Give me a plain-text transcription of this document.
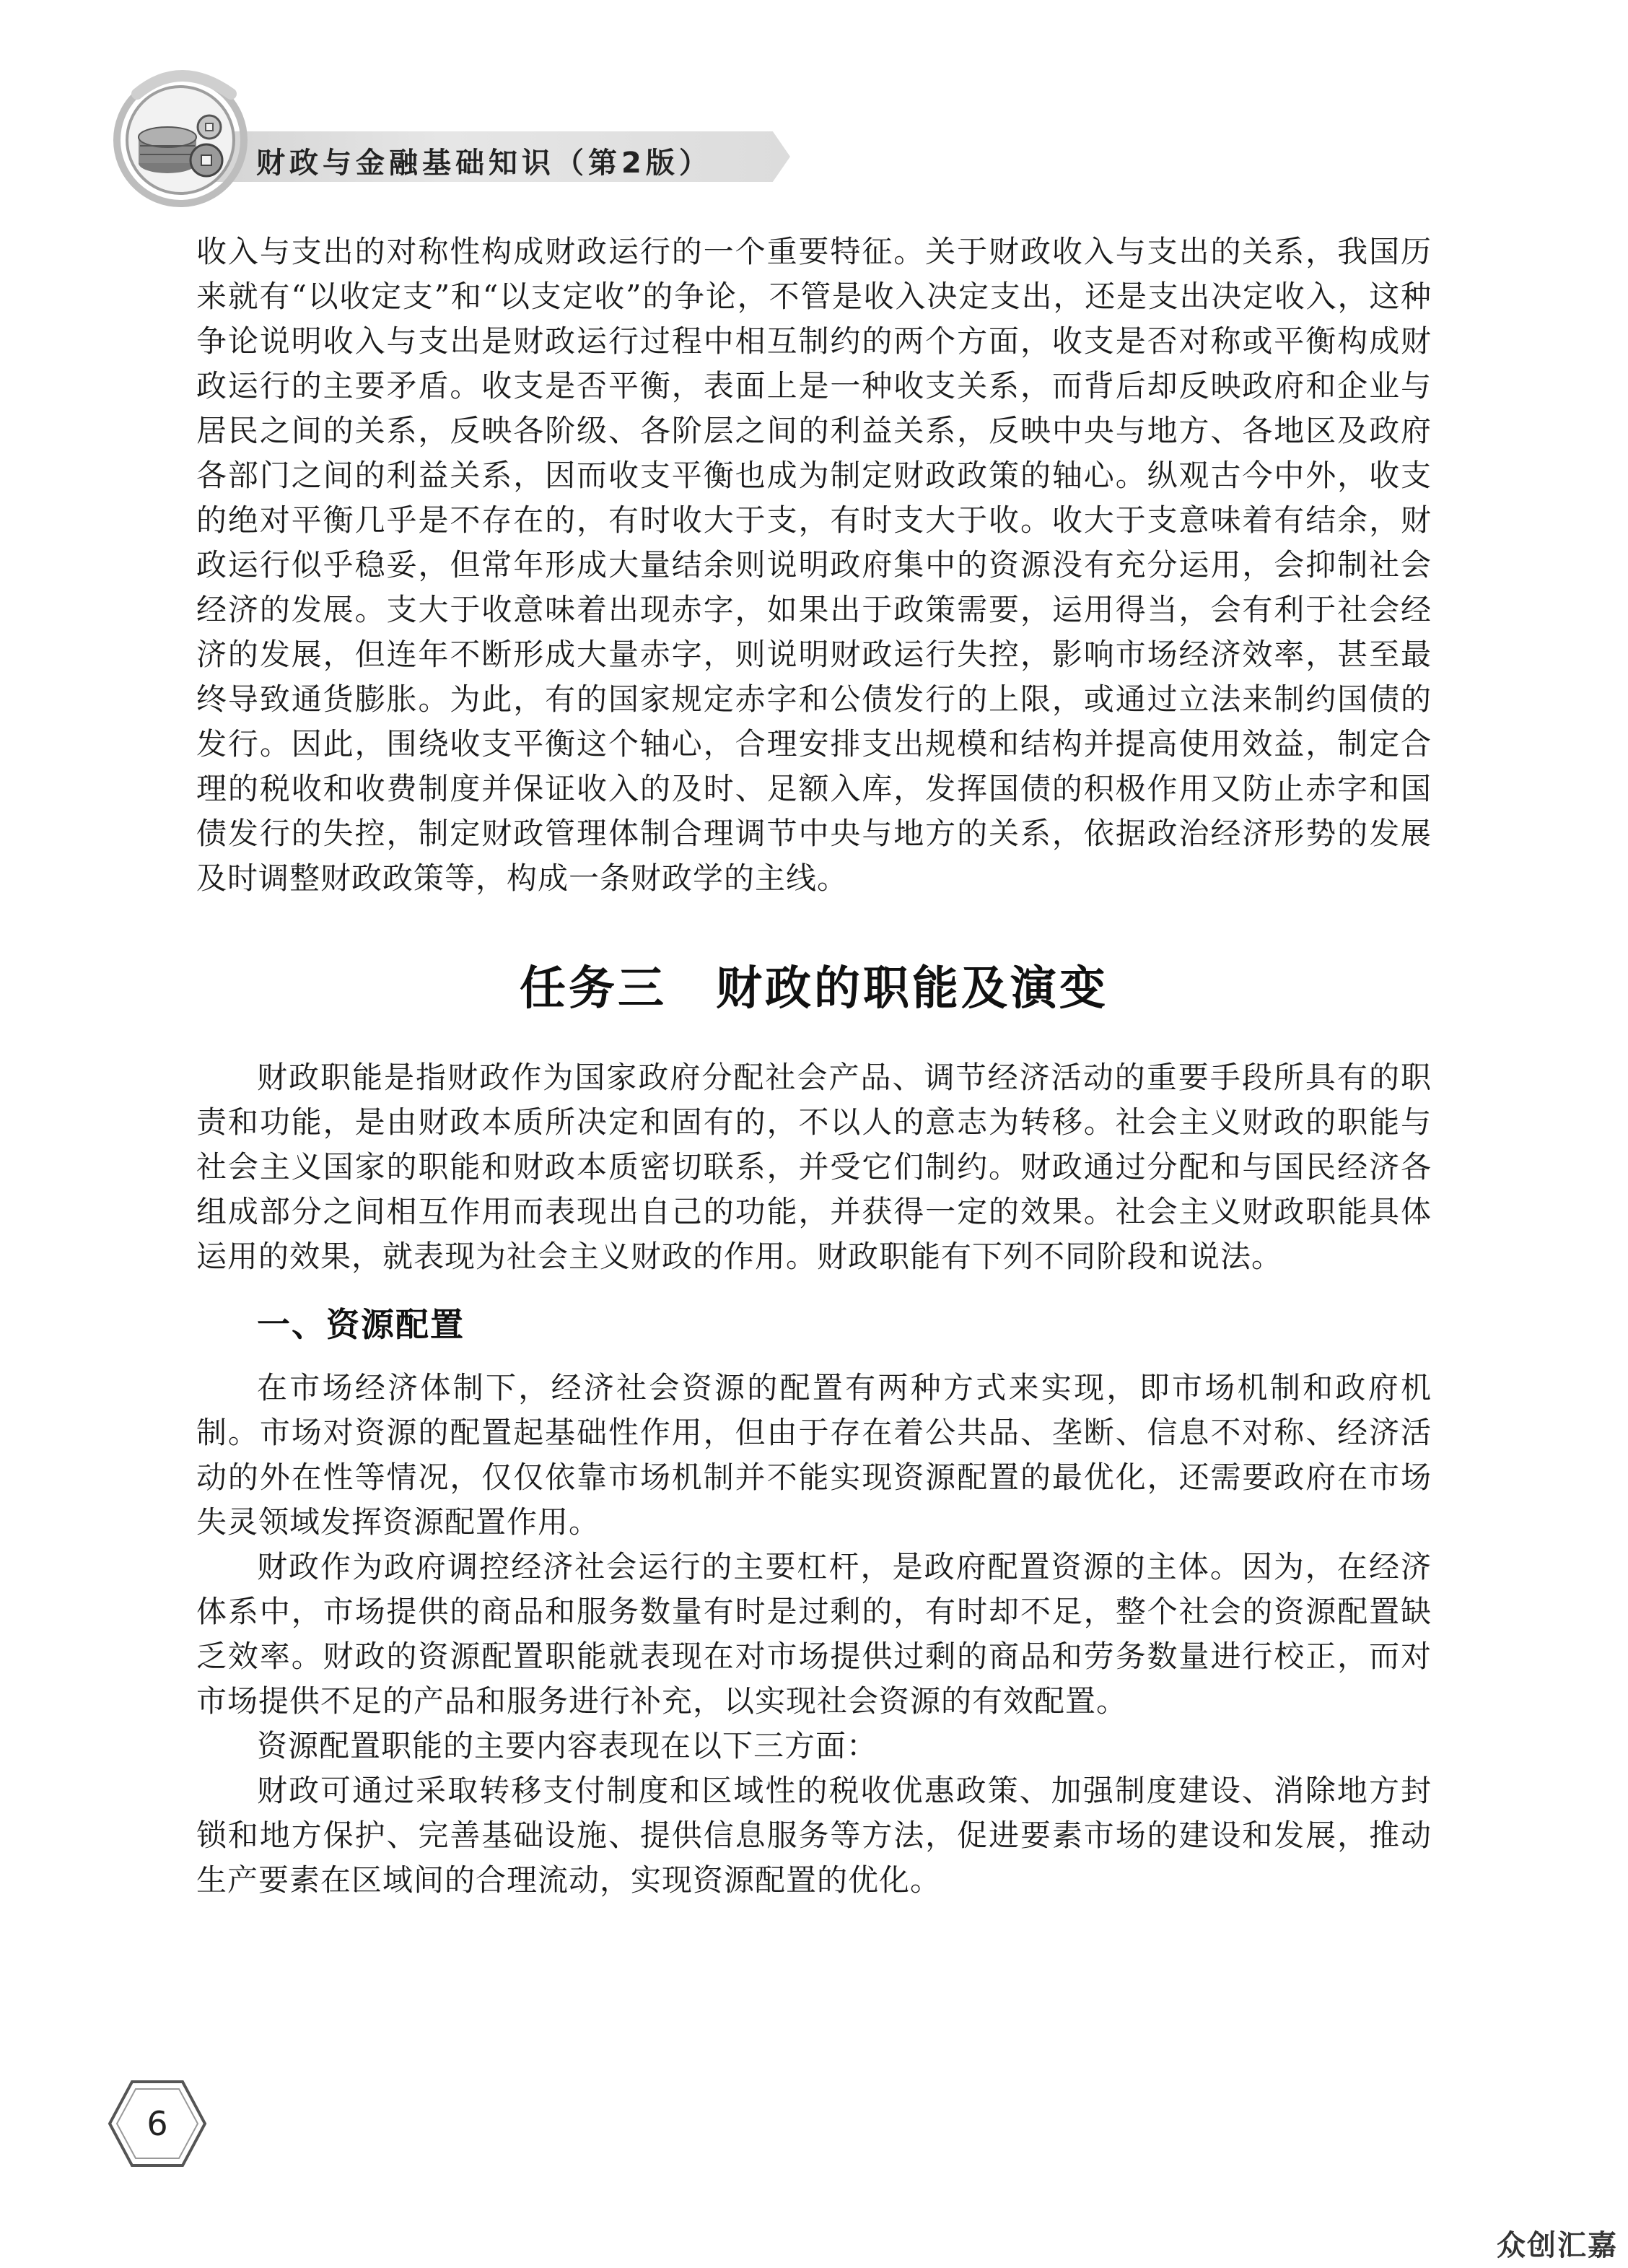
财政与金融基础知识（第2版）

收入与支出的对称性构成财政运行的一个重要特征。关于财政收入与支出的关系，我国历来就有“以收定支”和“以支定收”的争论，不管是收入决定支出，还是支出决定收入，这种争论说明收入与支出是财政运行过程中相互制约的两个方面，收支是否对称或平衡构成财政运行的主要矛盾。收支是否平衡，表面上是一种收支关系，而背后却反映政府和企业与居民之间的关系，反映各阶级、各阶层之间的利益关系，反映中央与地方、各地区及政府各部门之间的利益关系，因而收支平衡也成为制定财政政策的轴心。纵观古今中外，收支的绝对平衡几乎是不存在的，有时收大于支，有时支大于收。收大于支意味着有结余，财政运行似乎稳妥，但常年形成大量结余则说明政府集中的资源没有充分运用，会抑制社会经济的发展。支大于收意味着出现赤字，如果出于政策需要，运用得当，会有利于社会经济的发展，但连年不断形成大量赤字，则说明财政运行失控，影响市场经济效率，甚至最终导致通货膨胀。为此，有的国家规定赤字和公债发行的上限，或通过立法来制约国债的发行。因此，围绕收支平衡这个轴心，合理安排支出规模和结构并提高使用效益，制定合理的税收和收费制度并保证收入的及时、足额入库，发挥国债的积极作用又防止赤字和国债发行的失控，制定财政管理体制合理调节中央与地方的关系，依据政治经济形势的发展及时调整财政政策等，构成一条财政学的主线。

任务三　财政的职能及演变

财政职能是指财政作为国家政府分配社会产品、调节经济活动的重要手段所具有的职责和功能，是由财政本质所决定和固有的，不以人的意志为转移。社会主义财政的职能与社会主义国家的职能和财政本质密切联系，并受它们制约。财政通过分配和与国民经济各组成部分之间相互作用而表现出自己的功能，并获得一定的效果。社会主义财政职能具体运用的效果，就表现为社会主义财政的作用。财政职能有下列不同阶段和说法。

一、资源配置

在市场经济体制下，经济社会资源的配置有两种方式来实现，即市场机制和政府机制。市场对资源的配置起基础性作用，但由于存在着公共品、垄断、信息不对称、经济活动的外在性等情况，仅仅依靠市场机制并不能实现资源配置的最优化，还需要政府在市场失灵领域发挥资源配置作用。

财政作为政府调控经济社会运行的主要杠杆，是政府配置资源的主体。因为，在经济体系中，市场提供的商品和服务数量有时是过剩的，有时却不足，整个社会的资源配置缺乏效率。财政的资源配置职能就表现在对市场提供过剩的商品和劳务数量进行校正，而对市场提供不足的产品和服务进行补充，以实现社会资源的有效配置。

资源配置职能的主要内容表现在以下三方面：

财政可通过采取转移支付制度和区域性的税收优惠政策、加强制度建设、消除地方封锁和地方保护、完善基础设施、提供信息服务等方法，促进要素市场的建设和发展，推动生产要素在区域间的合理流动，实现资源配置的优化。

6
众创汇嘉
